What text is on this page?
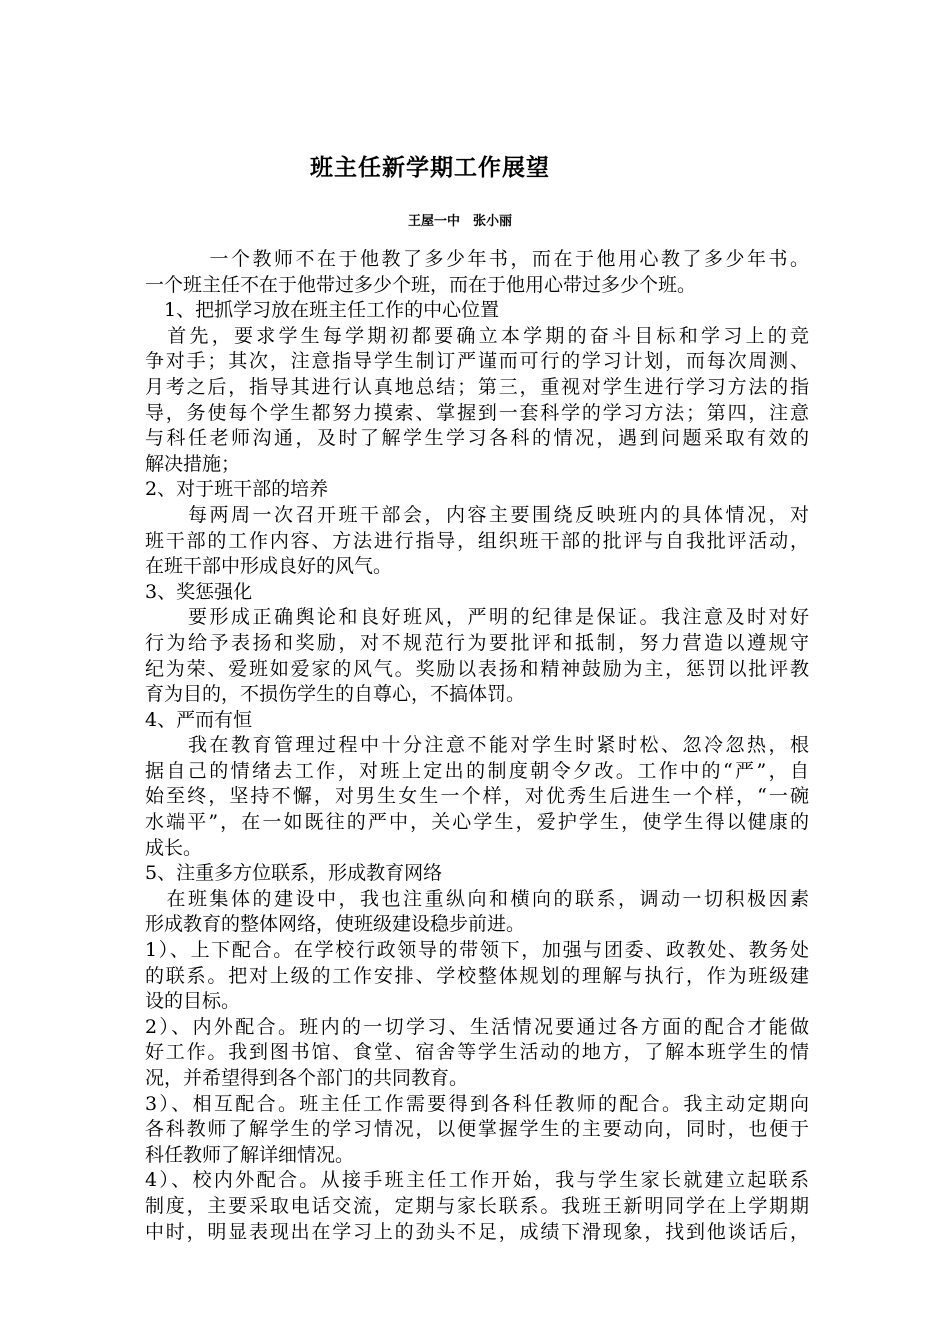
班主任新学期工作展望
王屋一中　张小丽
　　　一个教师不在于他教了多少年书，而在于他用心教了多少年书。
一个班主任不在于他带过多少个班，而在于他用心带过多少个班。
　1、把抓学习放在班主任工作的中心位置
　首先，要求学生每学期初都要确立本学期的奋斗目标和学习上的竞
争对手；其次，注意指导学生制订严谨而可行的学习计划，而每次周测、
月考之后，指导其进行认真地总结；第三，重视对学生进行学习方法的指
导，务使每个学生都努力摸索、掌握到一套科学的学习方法；第四，注意
与科任老师沟通，及时了解学生学习各科的情况，遇到问题采取有效的
解决措施；
2、对于班干部的培养
　　每两周一次召开班干部会，内容主要围绕反映班内的具体情况，对
班干部的工作内容、方法进行指导，组织班干部的批评与自我批评活动，
在班干部中形成良好的风气。
3、奖惩强化
　　要形成正确舆论和良好班风，严明的纪律是保证。我注意及时对好
行为给予表扬和奖励，对不规范行为要批评和抵制，努力营造以遵规守
纪为荣、爱班如爱家的风气。奖励以表扬和精神鼓励为主，惩罚以批评教
育为目的，不损伤学生的自尊心，不搞体罚。
4、严而有恒
　　我在教育管理过程中十分注意不能对学生时紧时松、忽冷忽热，根
据自己的情绪去工作，对班上定出的制度朝令夕改。工作中的“严”，自
始至终，坚持不懈，对男生女生一个样，对优秀生后进生一个样，“一碗
水端平”，在一如既往的严中，关心学生，爱护学生，使学生得以健康的
成长。
5、注重多方位联系，形成教育网络
　在班集体的建设中，我也注重纵向和横向的联系，调动一切积极因素
形成教育的整体网络，使班级建设稳步前进。
1）、上下配合。在学校行政领导的带领下，加强与团委、政教处、教务处
的联系。把对上级的工作安排、学校整体规划的理解与执行，作为班级建
设的目标。
2）、内外配合。班内的一切学习、生活情况要通过各方面的配合才能做
好工作。我到图书馆、食堂、宿舍等学生活动的地方，了解本班学生的情
况，并希望得到各个部门的共同教育。
3）、相互配合。班主任工作需要得到各科任教师的配合。我主动定期向
各科教师了解学生的学习情况，以便掌握学生的主要动向，同时，也便于
科任教师了解详细情况。
4）、校内外配合。从接手班主任工作开始，我与学生家长就建立起联系
制度，主要采取电话交流，定期与家长联系。我班王新明同学在上学期期
中时，明显表现出在学习上的劲头不足，成绩下滑现象，找到他谈话后，
